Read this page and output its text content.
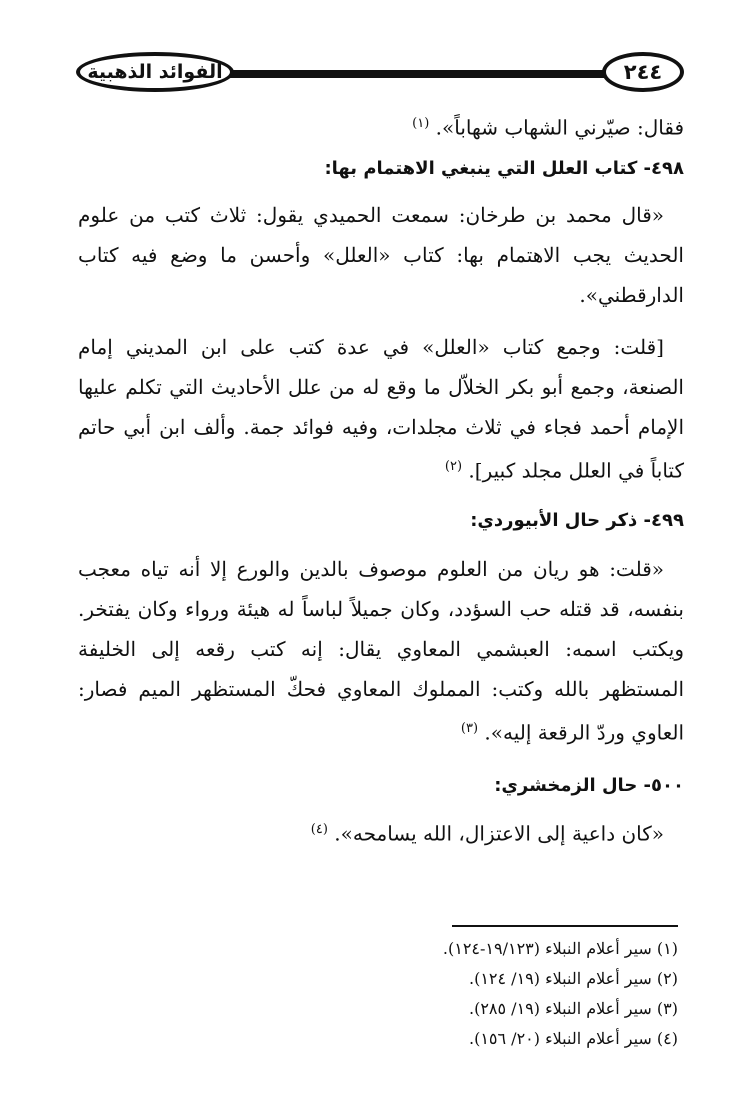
الفوائد الذهبية	٢٤٤

فقال: صيّرني الشهاب شهاباً». $^{(١)}$

٤٩٨- كتاب العلل التي ينبغي الاهتمام بها:

«قال محمد بن طرخان: سمعت الحميدي يقول: ثلاث كتب من علوم الحديث يجب الاهتمام بها: كتاب «العلل» وأحسن ما وضع فيه كتاب الدارقطني».

[قلت: وجمع كتاب «العلل» في عدة كتب على ابن المديني إمام الصنعة، وجمع أبو بكر الخلاّل ما وقع له من علل الأحاديث التي تكلم عليها الإمام أحمد فجاء في ثلاث مجلدات، وفيه فوائد جمة. وألف ابن أبي حاتم كتاباً في العلل مجلد كبير]. $^{(٢)}$

٤٩٩- ذكر حال الأبيوردي:

«قلت: هو ريان من العلوم موصوف بالدين والورع إلا أنه تياه معجب بنفسه، قد قتله حب السؤدد، وكان جميلاً لباساً له هيئة ورواء وكان يفتخر. ويكتب اسمه: العبشمي المعاوي يقال: إنه كتب رقعه إلى الخليفة المستظهر بالله وكتب: المملوك المعاوي فحكّ المستظهر الميم فصار: العاوي وردّ الرقعة إليه». $^{(٣)}$

٥٠٠- حال الزمخشري:

«كان داعية إلى الاعتزال، الله يسامحه». $^{(٤)}$

(١) سير أعلام النبلاء (١٩/١٢٣-١٢٤).

(٢) سير أعلام النبلاء (١٩/ ١٢٤).

(٣) سير أعلام النبلاء (١٩/ ٢٨٥).

(٤) سير أعلام النبلاء (٢٠/ ١٥٦).
